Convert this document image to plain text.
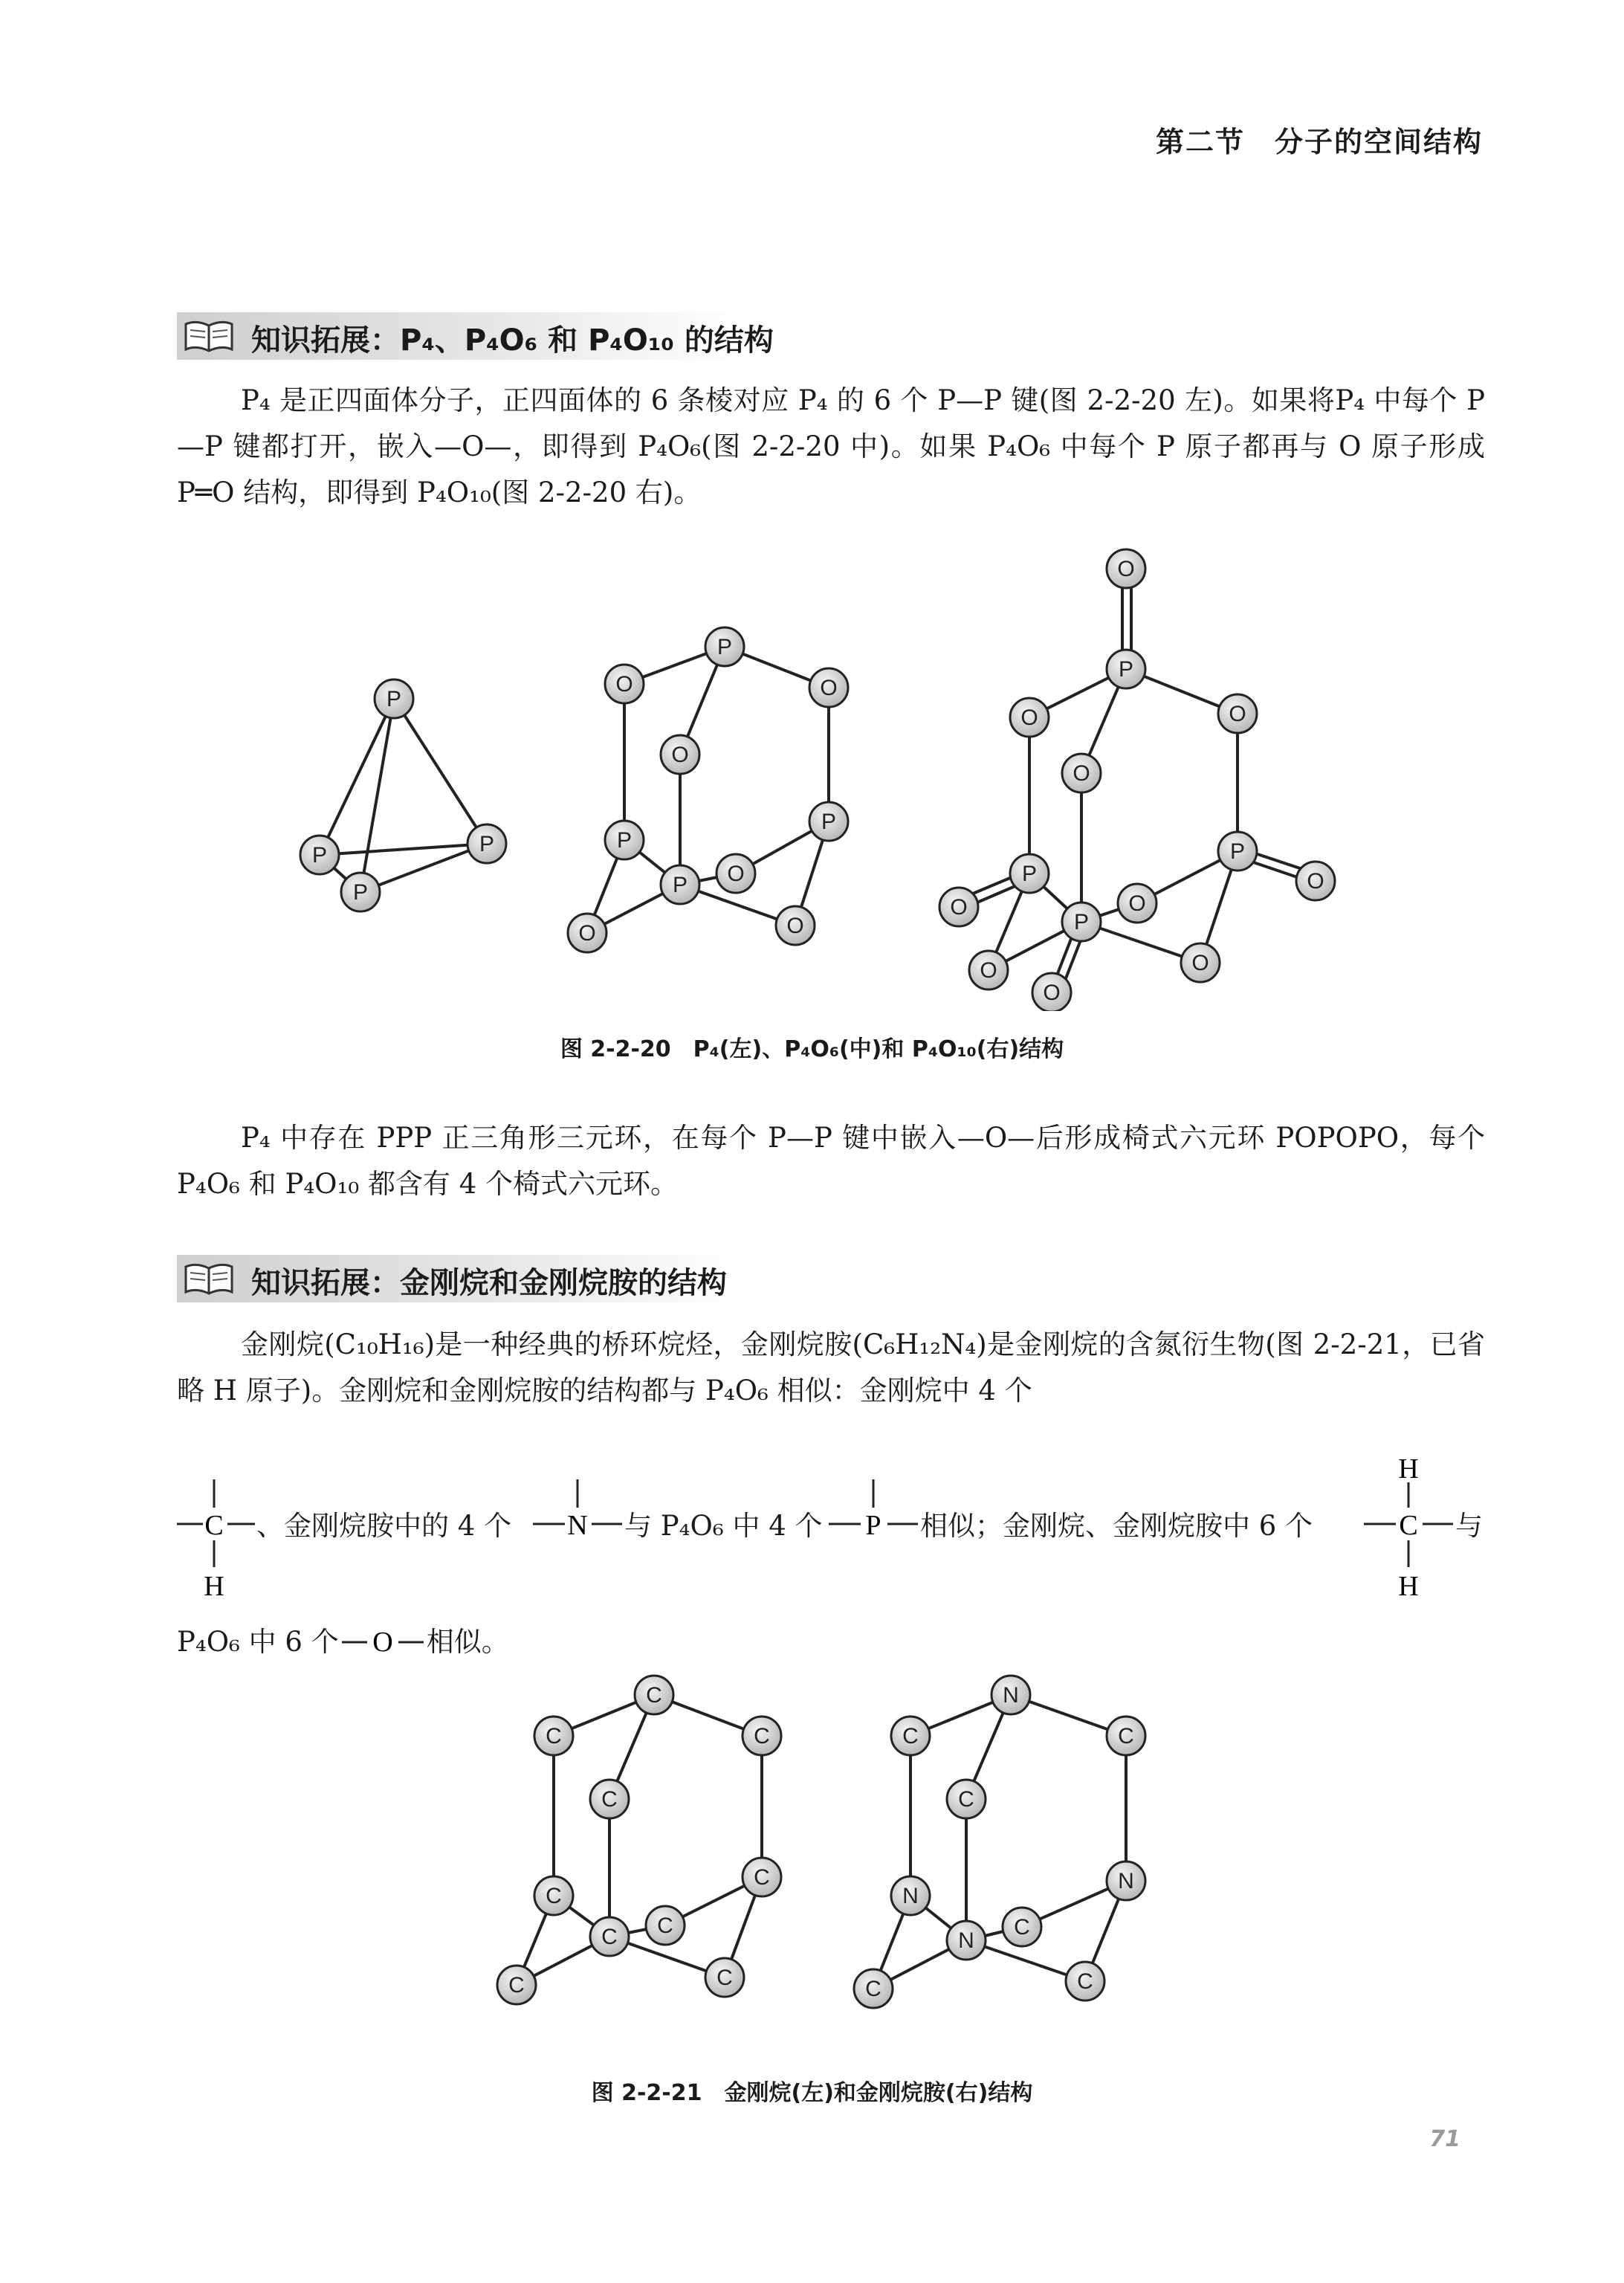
第二节　分子的空间结构
知识拓展：P₄、P₄O₆ 和 P₄O₁₀ 的结构
P₄ 是正四面体分子，正四面体的 6 条棱对应 P₄ 的 6 个 P—P 键(图 2-2-20 左)。如果将P₄ 中每个 P—P 键都打开，嵌入—O—，即得到 P₄O₆(图 2-2-20 中)。如果 P₄O₆ 中每个 P 原子都再与 O 原子形成 P═O 结构，即得到 P₄O₁₀(图 2-2-20 右)。
P
P	P
P
P
P
P
P
O	O
O
O
O	O
P
P
P
P
O
O	O
O
O
O	O
O
O
O
图 2-2-20　P₄(左)、P₄O₆(中)和 P₄O₁₀(右)结构
P₄ 中存在 PPP 正三角形三元环，在每个 P—P 键中嵌入—O—后形成椅式六元环 POPOPO，每个 P₄O₆ 和 P₄O₁₀ 都含有 4 个椅式六元环。
知识拓展：金刚烷和金刚烷胺的结构
金刚烷(C₁₀H₁₆)是一种经典的桥环烷烃，金刚烷胺(C₆H₁₂N₄)是金刚烷的含氮衍生物(图 2-2-21，已省略 H 原子)。金刚烷和金刚烷胺的结构都与 P₄O₆ 相似：金刚烷中 4 个
C
H
、金刚烷胺中的 4 个 N 与 P₄O₆ 中 4 个 P 相似；金刚烷、金刚烷胺中 6 个
H
C
H
与
P₄O₆ 中 6 个 O 相似。
C
C	C
C
C
C
C C
C	C
N
N
N
N
C	C
C
C
C	C
图 2-2-21　金刚烷(左)和金刚烷胺(右)结构
71
